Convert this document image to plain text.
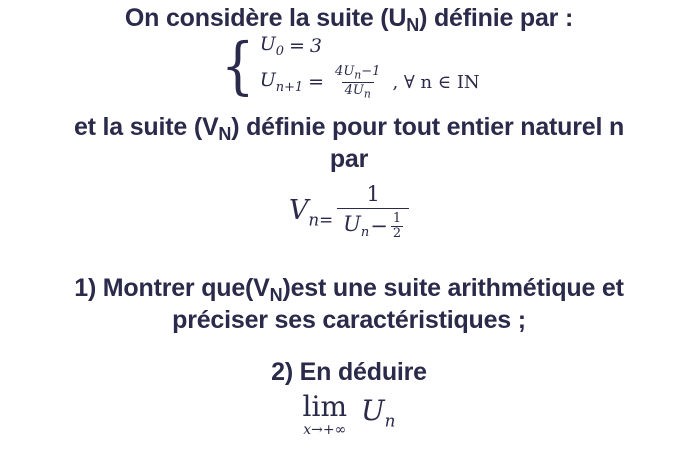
On considère la suite $(U_N)$ définie par :
{ $U_0 = 3$
$U_{n+1} = \frac{4U_n-1}{4U_n}$ , ∀ n ∈ IN
et la suite $(V_N)$ définie pour tout entier naturel n
par
$V_{n=} \frac{1}{U_n - \frac{1}{2}}$
1) Montrer $que(V_N)est$ une suite arithmétique et
préciser ses caractéristiques ;
2) En déduire
lim
x→+∞
$U_n$
